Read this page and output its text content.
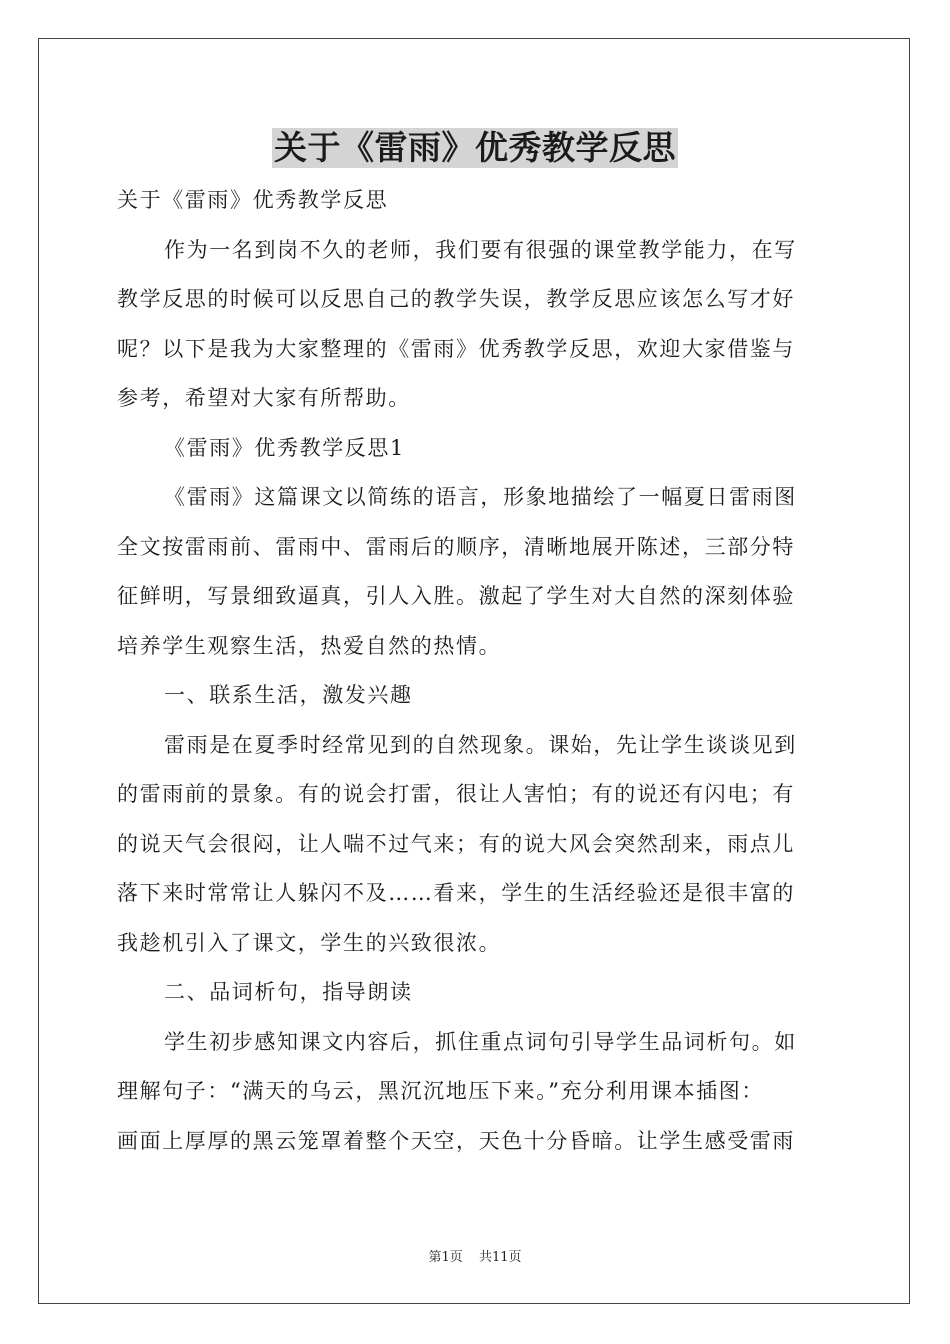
关于《雷雨》优秀教学反思
关于《雷雨》优秀教学反思
作为一名到岗不久的老师，我们要有很强的课堂教学能力，在写
教学反思的时候可以反思自己的教学失误，教学反思应该怎么写才好
呢？以下是我为大家整理的《雷雨》优秀教学反思，欢迎大家借鉴与
参考，希望对大家有所帮助。
《雷雨》优秀教学反思1
《雷雨》这篇课文以简练的语言，形象地描绘了一幅夏日雷雨图
全文按雷雨前、雷雨中、雷雨后的顺序，清晰地展开陈述，三部分特
征鲜明，写景细致逼真，引人入胜。激起了学生对大自然的深刻体验
培养学生观察生活，热爱自然的热情。
一、联系生活，激发兴趣
雷雨是在夏季时经常见到的自然现象。课始，先让学生谈谈见到
的雷雨前的景象。有的说会打雷，很让人害怕；有的说还有闪电；有
的说天气会很闷，让人喘不过气来；有的说大风会突然刮来，雨点儿
落下来时常常让人躲闪不及……看来，学生的生活经验还是很丰富的
我趁机引入了课文，学生的兴致很浓。
二、品词析句，指导朗读
学生初步感知课文内容后，抓住重点词句引导学生品词析句。如
理解句子：“满天的乌云，黑沉沉地压下来。”充分利用课本插图：
画面上厚厚的黑云笼罩着整个天空，天色十分昏暗。让学生感受雷雨
第1页 共11页
